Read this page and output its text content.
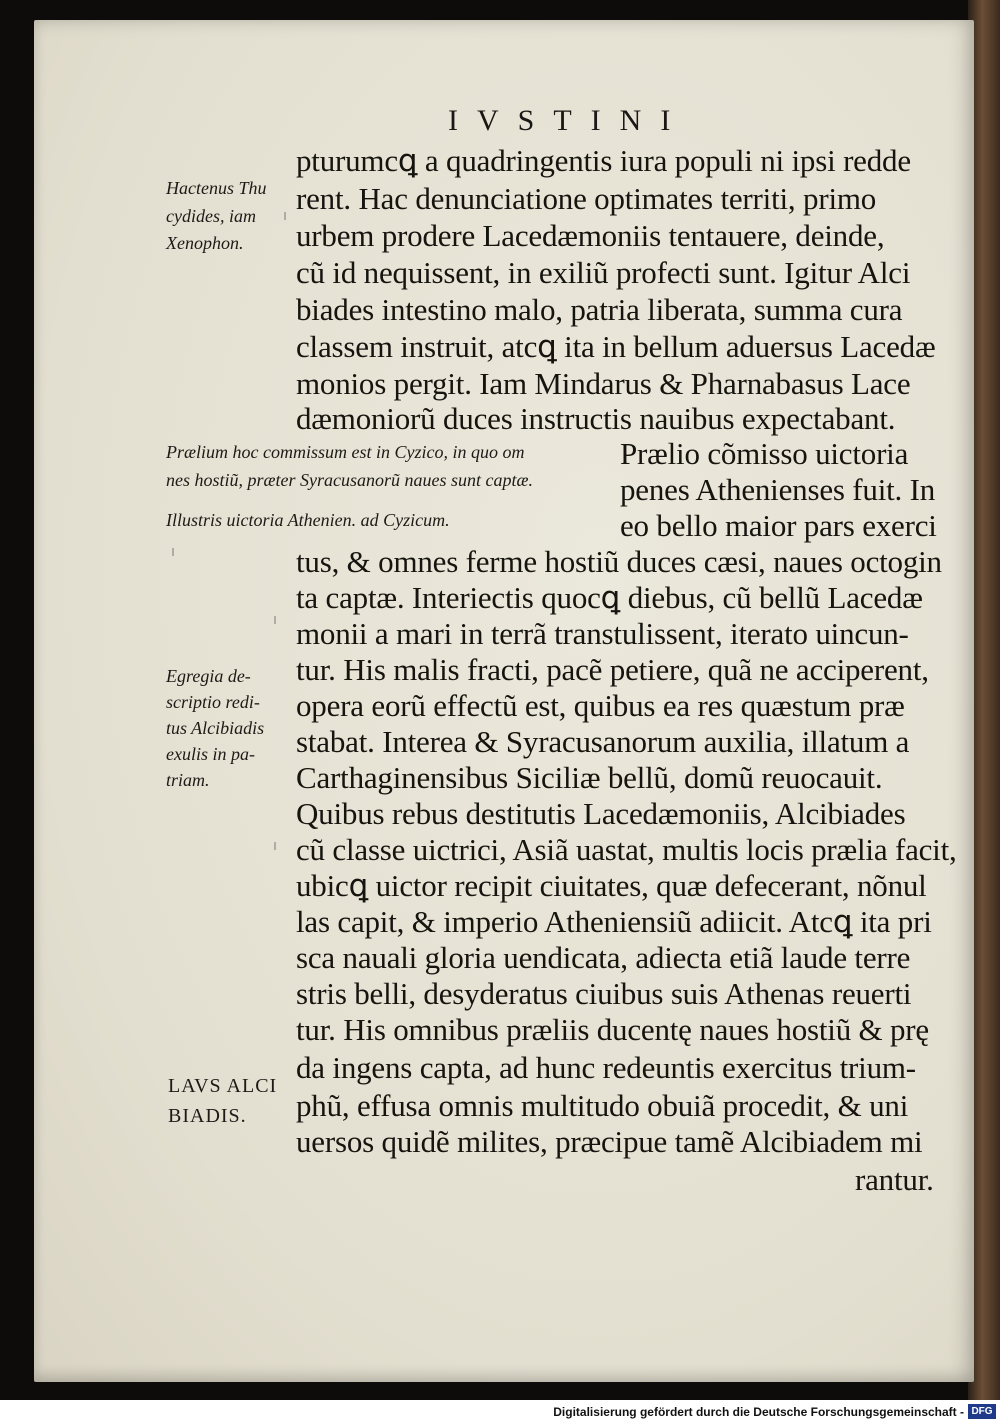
IVSTINI
pturumcꝗ a quadringentis iura populi ni ipsi redde
rent. Hac denunciatione optimates territi, primo
urbem prodere Lacedæmoniis tentauere, deinde,
cũ id nequissent, in exiliũ profecti sunt. Igitur Alci
biades intestino malo, patria liberata, summa cura
classem instruit, atcꝗ ita in bellum aduersus Lacedæ
monios pergit. Iam Mindarus & Pharnabasus Lace
dæmoniorũ duces instructis nauibus expectabant.
Prælio cõmisso uictoria
penes Athenienses fuit. In
eo bello maior pars exerci
tus, & omnes ferme hostiũ duces cæsi, naues octogin
ta captæ. Interiectis quocꝗ diebus, cũ bellũ Lacedæ
monii a mari in terrã transtulissent, iterato uincun-
tur. His malis fracti, pacẽ petiere, quã ne acciperent,
opera eorũ effectũ est, quibus ea res quæstum præ
stabat. Interea & Syracusanorum auxilia, illatum a
Carthaginensibus Siciliæ bellũ, domũ reuocauit.
Quibus rebus destitutis Lacedæmoniis, Alcibiades
cũ classe uictrici, Asiã uastat, multis locis prælia facit,
ubicꝗ uictor recipit ciuitates, quæ defecerant, nõnul
las capit, & imperio Atheniensiũ adiicit. Atcꝗ ita pri
sca nauali gloria uendicata, adiecta etiã laude terre
stris belli, desyderatus ciuibus suis Athenas reuerti
tur. His omnibus præliis ducentę naues hostiũ & prę
da ingens capta, ad hunc redeuntis exercitus trium-
phũ, effusa omnis multitudo obuiã procedit, & uni
uersos quidẽ milites, præcipue tamẽ Alcibiadem mi
rantur.
Hactenus Thu
cydides, iam
Xenophon.
Prælium hoc commissum est in Cyzico, in quo om
nes hostiũ, præter Syracusanorũ naues sunt captæ.
Illustris uictoria Athenien. ad Cyzicum.
Egregia de-
scriptio redi-
tus Alcibiadis
exulis in pa-
triam.
LAVS ALCI
BIADIS.
Digitalisierung gefördert durch die Deutsche Forschungsgemeinschaft - DFG
